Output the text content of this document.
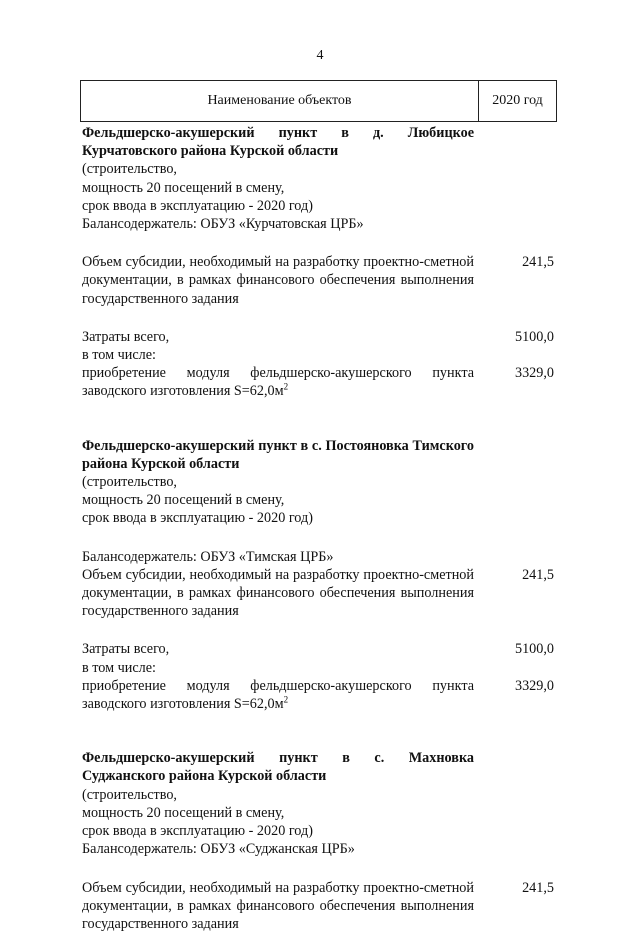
4
Наименование объектов	2020 год
Фельдшерско-акушерский пункт в д. Любицкое Курчатовского района Курской области
(строительство,
мощность 20 посещений в смену,
срок ввода в эксплуатацию - 2020 год)
Балансодержатель: ОБУЗ «Курчатовская ЦРБ»
Объем субсидии, необходимый на разработку проектно-сметной документации, в рамках финансового обеспечения выполнения государственного задания
241,5
Затраты всего,
в том числе:
5100,0
приобретение модуля фельдшерско-акушерского пункта заводского изготовления $S=62,0м^2$
3329,0
Фельдшерско-акушерский пункт в с. Постояновка Тимского района Курской области
(строительство,
мощность 20 посещений в смену,
срок ввода в эксплуатацию - 2020 год)
Балансодержатель: ОБУЗ «Тимская ЦРБ»
Объем субсидии, необходимый на разработку проектно-сметной документации, в рамках финансового обеспечения выполнения государственного задания
241,5
Затраты всего,
в том числе:
5100,0
приобретение модуля фельдшерско-акушерского пункта заводского изготовления $S=62,0м^2$
3329,0
Фельдшерско-акушерский пункт в с. Махновка Суджанского района Курской области
(строительство,
мощность 20 посещений в смену,
срок ввода в эксплуатацию - 2020 год)
Балансодержатель: ОБУЗ «Суджанская ЦРБ»
Объем субсидии, необходимый на разработку проектно-сметной документации, в рамках финансового обеспечения выполнения государственного задания
241,5
